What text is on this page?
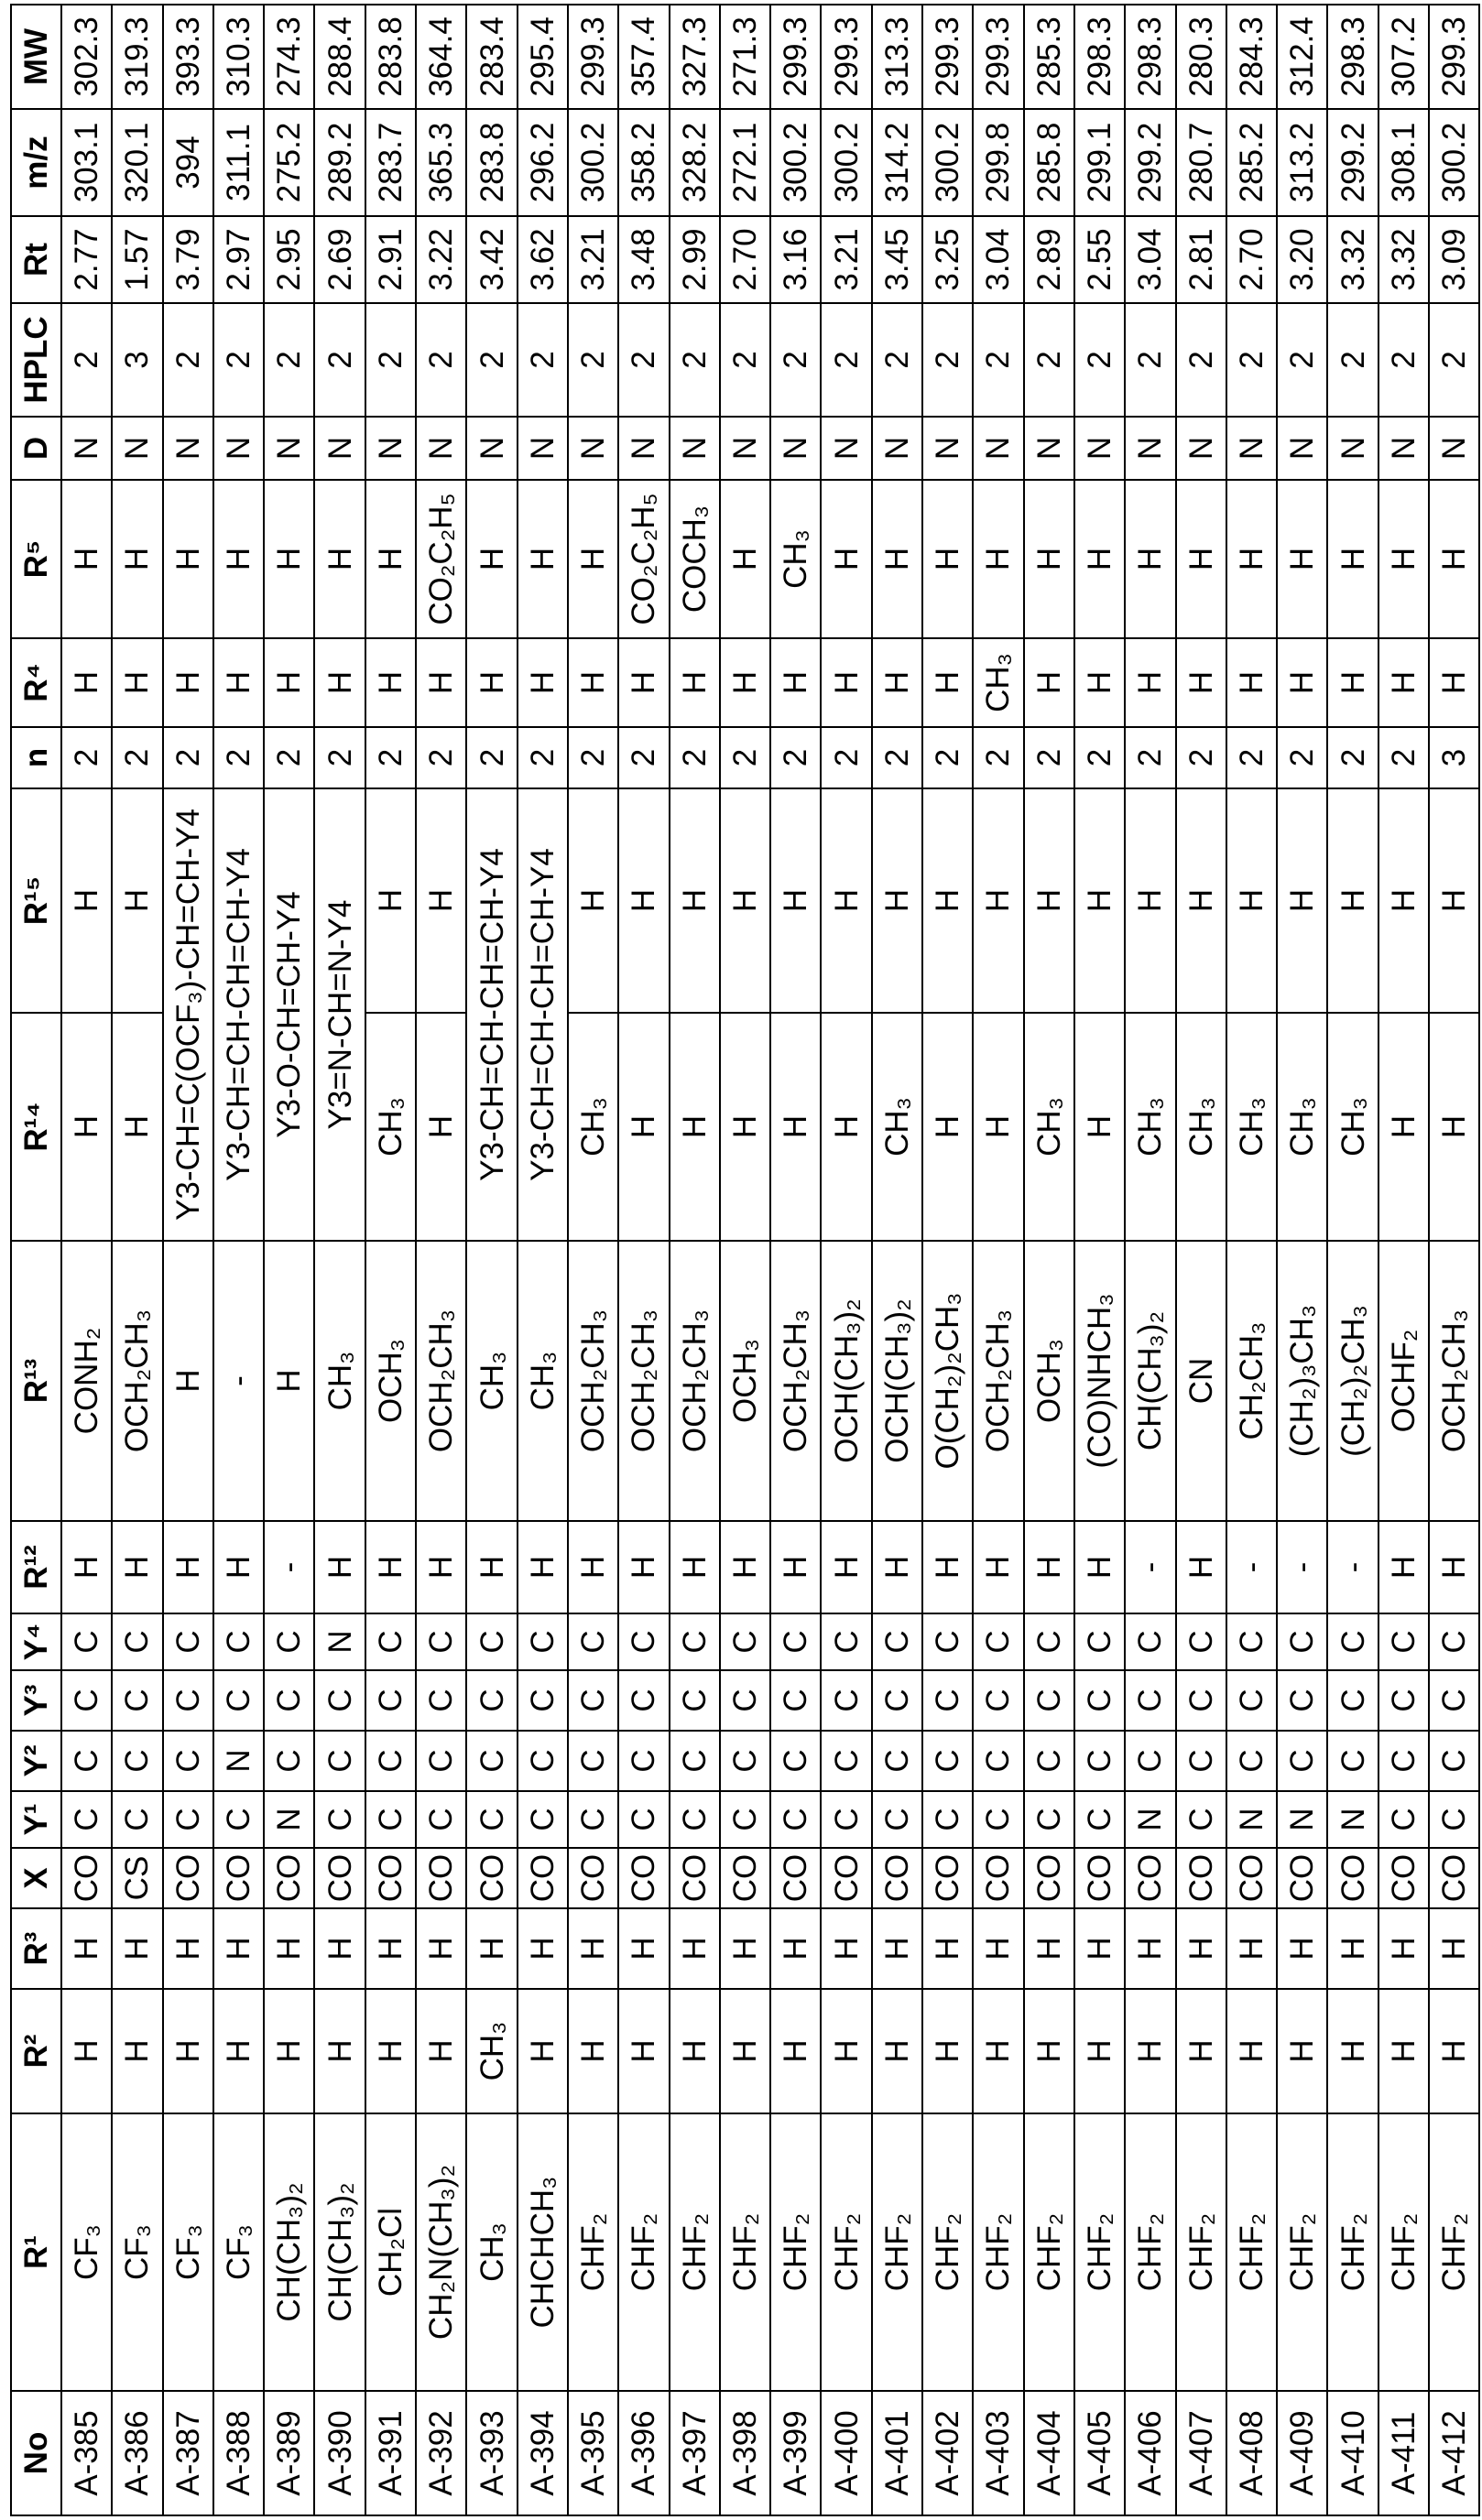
No	R¹	R²	R³	X	Y¹	Y²	Y³	Y⁴	R¹²	R¹³	R¹⁴	R¹⁵	n	R⁴	R⁵	D	HPLC	Rt	m/z	MW
A-385	CF₃	H	H	CO	C	C	C	C	H	CONH₂	H	H	2	H	H	N	2	2.77	303.1	302.3
A-386	CF₃	H	H	CS	C	C	C	C	H	OCH₂CH₃	H	H	2	H	H	N	3	1.57	320.1	319.3
A-387	CF₃	H	H	CO	C	C	C	C	H	H	Y3-CH=C(OCF₃)-CH=CH-Y4	2	H	H	N	2	3.79	394	393.3
A-388	CF₃	H	H	CO	C	N	C	C	H	-	Y3-CH=CH-CH=CH-Y4	2	H	H	N	2	2.97	311.1	310.3
A-389	CH(CH₃)₂	H	H	CO	N	C	C	C	-	H	Y3-O-CH=CH-Y4	2	H	H	N	2	2.95	275.2	274.3
A-390	CH(CH₃)₂	H	H	CO	C	C	C	N	H	CH₃	Y3=N-CH=N-Y4	2	H	H	N	2	2.69	289.2	288.4
A-391	CH₂Cl	H	H	CO	C	C	C	C	H	OCH₃	CH₃	H	2	H	H	N	2	2.91	283.7	283.8
A-392	CH₂N(CH₃)₂	H	H	CO	C	C	C	C	H	OCH₂CH₃	H	H	2	H	CO₂C₂H₅	N	2	3.22	365.3	364.4
A-393	CH₃	CH₃	H	CO	C	C	C	C	H	CH₃	Y3-CH=CH-CH=CH-Y4	2	H	H	N	2	3.42	283.8	283.4
A-394	CHCHCH₃	H	H	CO	C	C	C	C	H	CH₃	Y3-CH=CH-CH=CH-Y4	2	H	H	N	2	3.62	296.2	295.4
A-395	CHF₂	H	H	CO	C	C	C	C	H	OCH₂CH₃	CH₃	H	2	H	H	N	2	3.21	300.2	299.3
A-396	CHF₂	H	H	CO	C	C	C	C	H	OCH₂CH₃	H	H	2	H	CO₂C₂H₅	N	2	3.48	358.2	357.4
A-397	CHF₂	H	H	CO	C	C	C	C	H	OCH₂CH₃	H	H	2	H	COCH₃	N	2	2.99	328.2	327.3
A-398	CHF₂	H	H	CO	C	C	C	C	H	OCH₃	H	H	2	H	H	N	2	2.70	272.1	271.3
A-399	CHF₂	H	H	CO	C	C	C	C	H	OCH₂CH₃	H	H	2	H	CH₃	N	2	3.16	300.2	299.3
A-400	CHF₂	H	H	CO	C	C	C	C	H	OCH(CH₃)₂	H	H	2	H	H	N	2	3.21	300.2	299.3
A-401	CHF₂	H	H	CO	C	C	C	C	H	OCH(CH₃)₂	CH₃	H	2	H	H	N	2	3.45	314.2	313.3
A-402	CHF₂	H	H	CO	C	C	C	C	H	O(CH₂)₂CH₃	H	H	2	H	H	N	2	3.25	300.2	299.3
A-403	CHF₂	H	H	CO	C	C	C	C	H	OCH₂CH₃	H	H	2	CH₃	H	N	2	3.04	299.8	299.3
A-404	CHF₂	H	H	CO	C	C	C	C	H	OCH₃	CH₃	H	2	H	H	N	2	2.89	285.8	285.3
A-405	CHF₂	H	H	CO	C	C	C	C	H	(CO)NHCH₃	H	H	2	H	H	N	2	2.55	299.1	298.3
A-406	CHF₂	H	H	CO	N	C	C	C	-	CH(CH₃)₂	CH₃	H	2	H	H	N	2	3.04	299.2	298.3
A-407	CHF₂	H	H	CO	C	C	C	C	H	CN	CH₃	H	2	H	H	N	2	2.81	280.7	280.3
A-408	CHF₂	H	H	CO	N	C	C	C	-	CH₂CH₃	CH₃	H	2	H	H	N	2	2.70	285.2	284.3
A-409	CHF₂	H	H	CO	N	C	C	C	-	(CH₂)₃CH₃	CH₃	H	2	H	H	N	2	3.20	313.2	312.4
A-410	CHF₂	H	H	CO	N	C	C	C	-	(CH₂)₂CH₃	CH₃	H	2	H	H	N	2	3.32	299.2	298.3
A-411	CHF₂	H	H	CO	C	C	C	C	H	OCHF₂	H	H	2	H	H	N	2	3.32	308.1	307.2
A-412	CHF₂	H	H	CO	C	C	C	C	H	OCH₂CH₃	H	H	3	H	H	N	2	3.09	300.2	299.3
